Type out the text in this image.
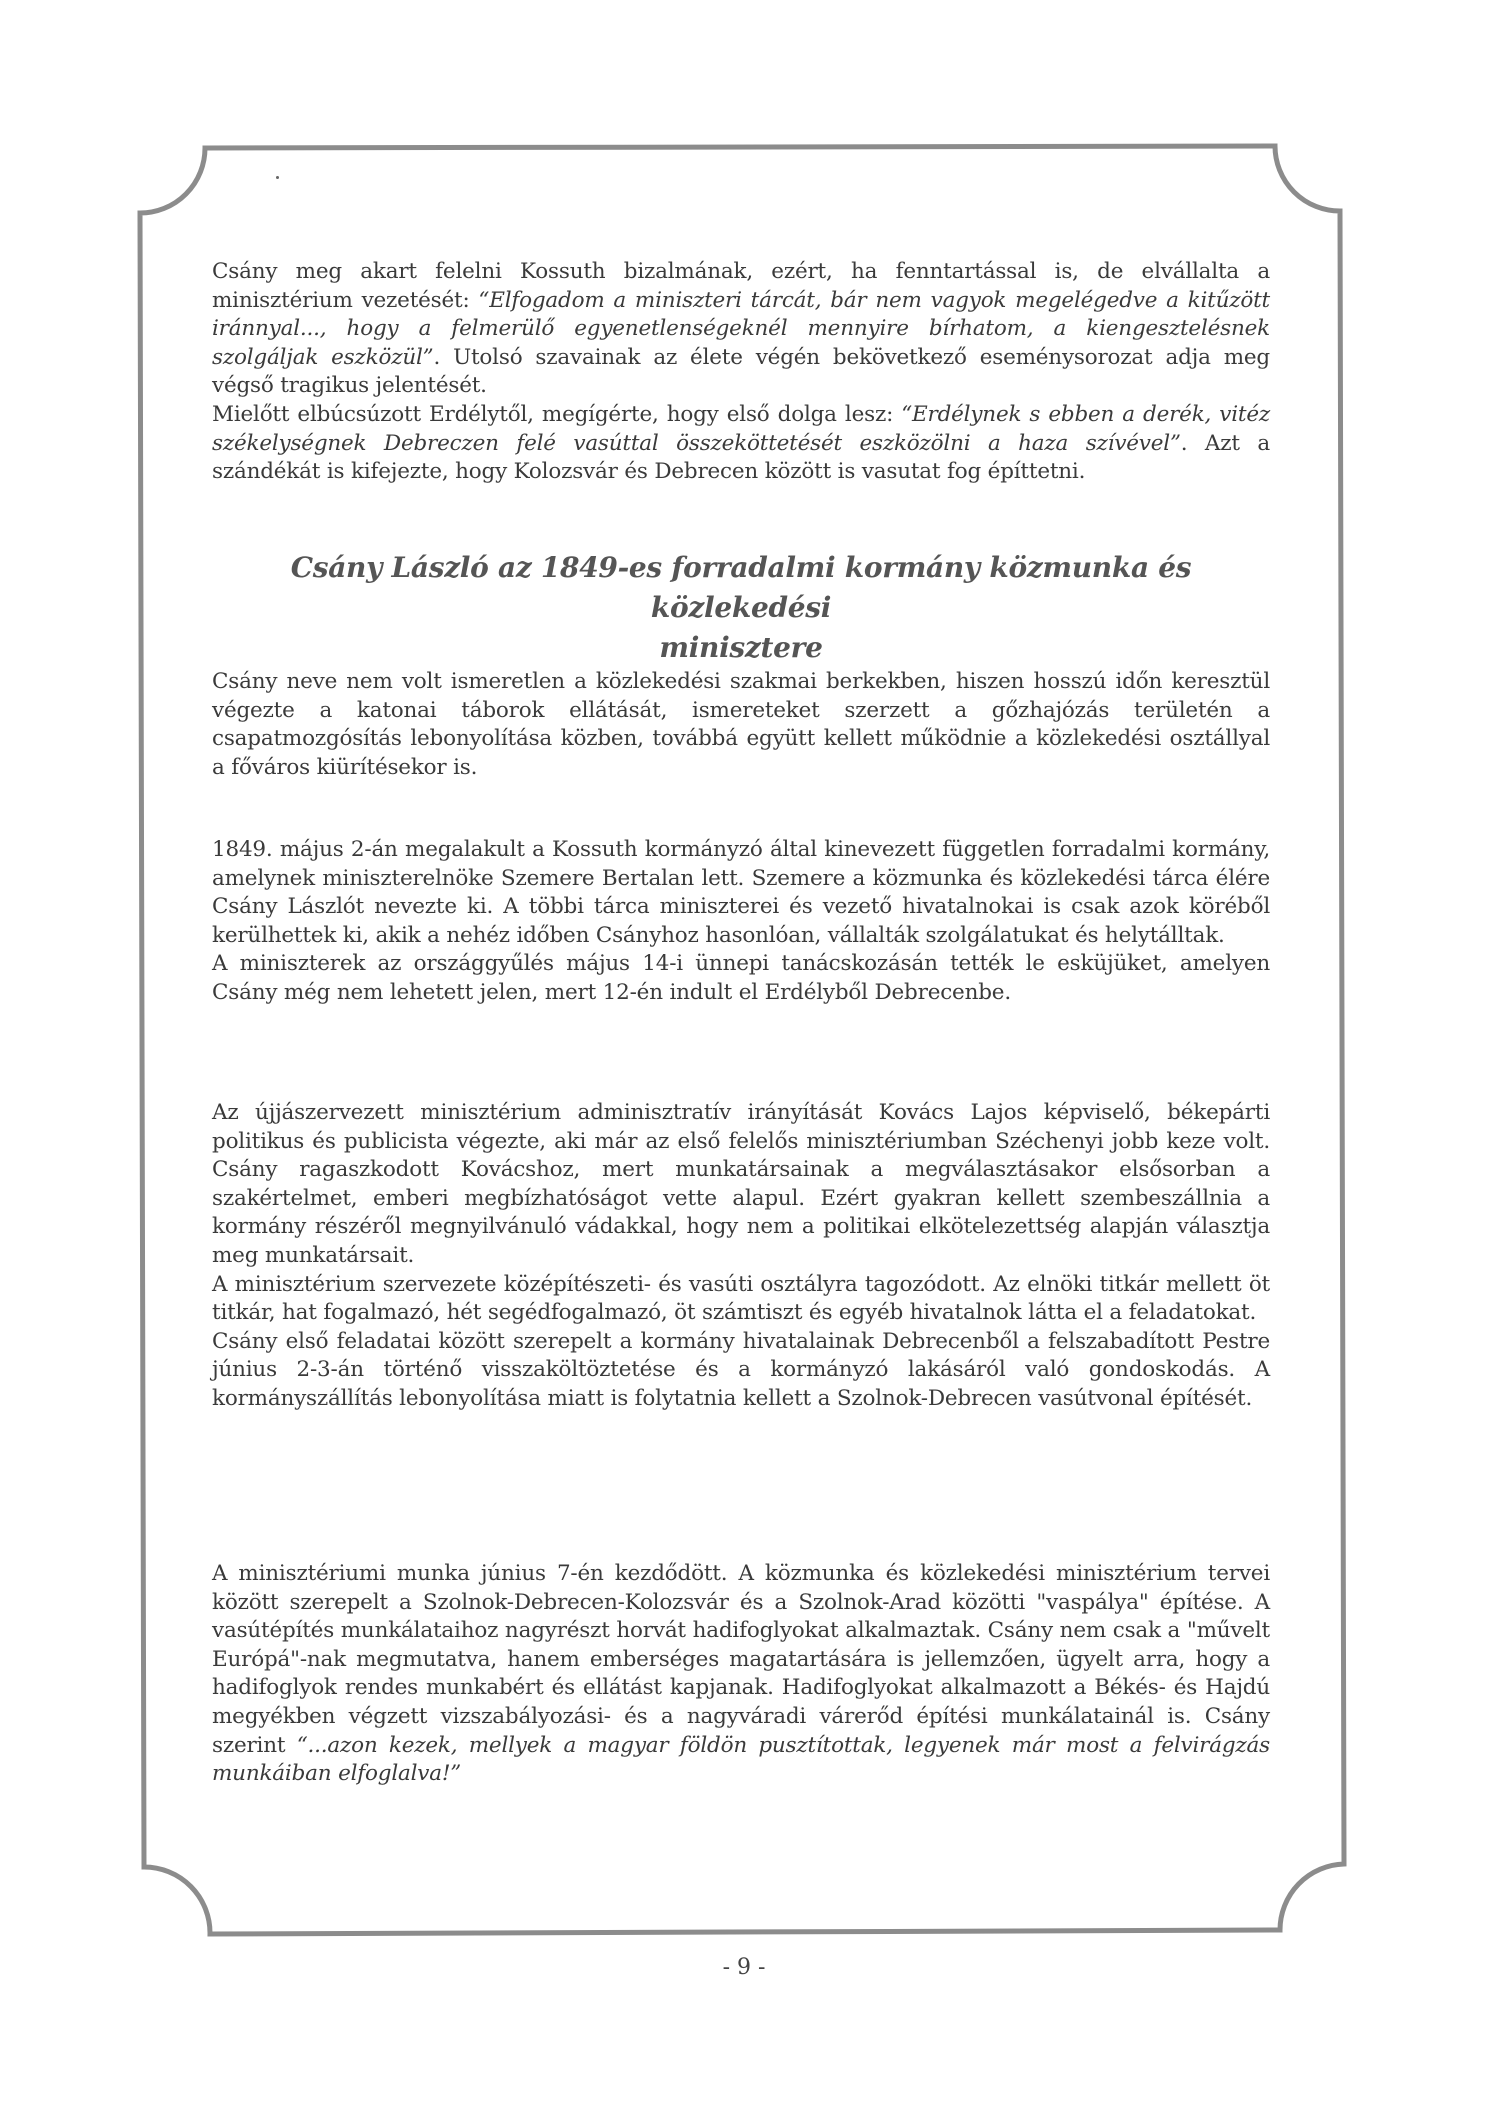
Csány meg akart felelni Kossuth bizalmának, ezért, ha fenntartással is, de elvállalta a minisztérium vezetését: “Elfogadom a miniszteri tárcát, bár nem vagyok megelégedve a kitűzött iránnyal..., hogy a felmerülő egyenetlenségeknél mennyire bírhatom, a kiengesztelésnek szolgáljak eszközül”. Utolsó szavainak az élete végén bekövetkező eseménysorozat adja meg végső tragikus jelentését.

Mielőtt elbúcsúzott Erdélytől, megígérte, hogy első dolga lesz: “Erdélynek s ebben a derék, vitéz székelységnek Debreczen felé vasúttal összeköttetését eszközölni a haza szívével”. Azt a szándékát is kifejezte, hogy Kolozsvár és Debrecen között is vasutat fog építtetni.

Csány László az 1849-es forradalmi kormány közmunka és közlekedési
minisztere

Csány neve nem volt ismeretlen a közlekedési szakmai berkekben, hiszen hosszú időn keresztül végezte a katonai táborok ellátását, ismereteket szerzett a gőzhajózás területén a csapatmozgósítás lebonyolítása közben, továbbá együtt kellett működnie a közlekedési osztállyal a főváros kiürítésekor is.

1849. május 2-án megalakult a Kossuth kormányzó által kinevezett független forradalmi kormány, amelynek miniszterelnöke Szemere Bertalan lett. Szemere a közmunka és közlekedési tárca élére Csány Lászlót nevezte ki. A többi tárca miniszterei és vezető hivatalnokai is csak azok köréből kerülhettek ki, akik a nehéz időben Csányhoz hasonlóan, vállalták szolgálatukat és helytálltak.

A miniszterek az országgyűlés május 14-i ünnepi tanácskozásán tették le esküjüket, amelyen Csány még nem lehetett jelen, mert 12-én indult el Erdélyből Debrecenbe.

Az újjászervezett minisztérium adminisztratív irányítását Kovács Lajos képviselő, békepárti politikus és publicista végezte, aki már az első felelős minisztériumban Széchenyi jobb keze volt. Csány ragaszkodott Kovácshoz, mert munkatársainak a megválasztásakor elsősorban a szakértelmet, emberi megbízhatóságot vette alapul. Ezért gyakran kellett szembeszállnia a kormány részéről megnyilvánuló vádakkal, hogy nem a politikai elkötelezettség alapján választja meg munkatársait.

A minisztérium szervezete középítészeti- és vasúti osztályra tagozódott. Az elnöki titkár mellett öt titkár, hat fogalmazó, hét segédfogalmazó, öt számtiszt és egyéb hivatalnok látta el a feladatokat.

Csány első feladatai között szerepelt a kormány hivatalainak Debrecenből a felszabadított Pestre június 2-3-án történő visszaköltöztetése és a kormányzó lakásáról való gondoskodás. A kormányszállítás lebonyolítása miatt is folytatnia kellett a Szolnok-Debrecen vasútvonal építését.

A minisztériumi munka június 7-én kezdődött. A közmunka és közlekedési minisztérium tervei között szerepelt a Szolnok-Debrecen-Kolozsvár és a Szolnok-Arad közötti "vaspálya" építése. A vasútépítés munkálataihoz nagyrészt horvát hadifoglyokat alkalmaztak. Csány nem csak a "művelt Európá"-nak megmutatva, hanem emberséges magatartására is jellemzően, ügyelt arra, hogy a hadifoglyok rendes munkabért és ellátást kapjanak. Hadifoglyokat alkalmazott a Békés- és Hajdú megyékben végzett vizszabályozási- és a nagyváradi várerőd építési munkálatainál is. Csány szerint “...azon kezek, mellyek a magyar földön pusztítottak, legyenek már most a felvirágzás munkáiban elfoglalva!”

- 9 -
